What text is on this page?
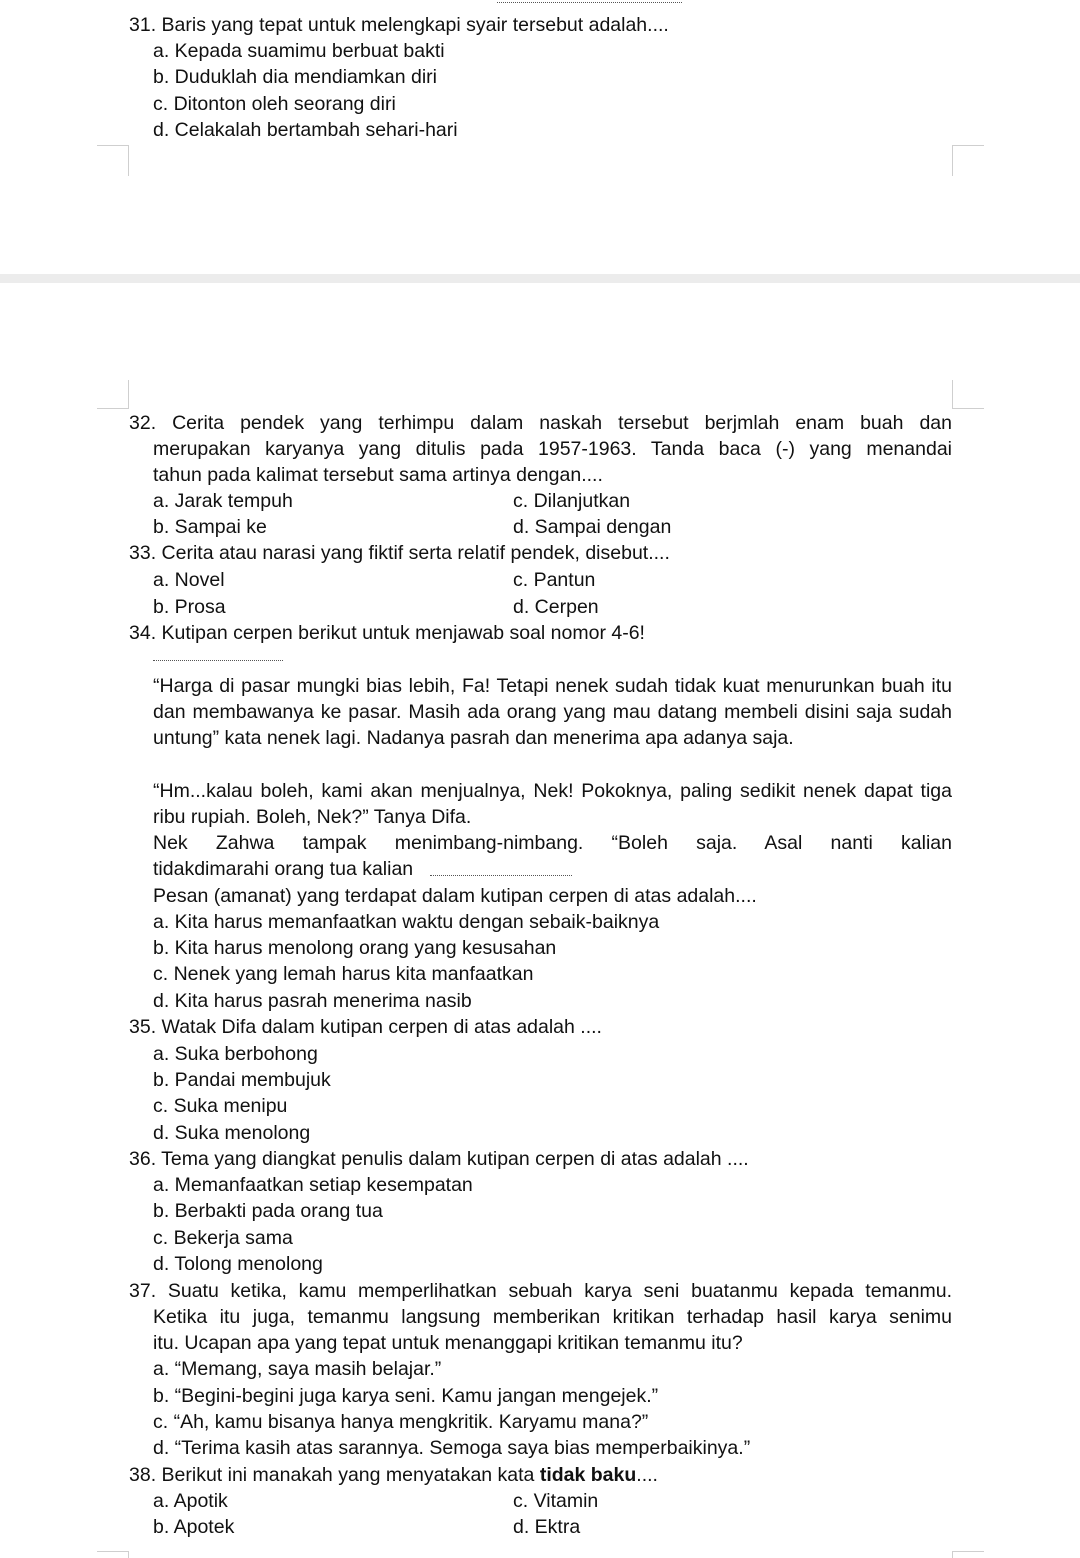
31. Baris yang tepat untuk melengkapi syair tersebut adalah....
a. Kepada suamimu berbuat bakti
b. Duduklah dia mendiamkan diri
c. Ditonton oleh seorang diri
d. Celakalah bertambah sehari-hari
32. Cerita pendek yang terhimpu dalam naskah tersebut berjmlah enam buah dan
merupakan karyanya yang ditulis pada 1957-1963. Tanda baca (-) yang menandai
tahun pada kalimat tersebut sama artinya dengan....
a. Jarak tempuh	c. Dilanjutkan
b. Sampai ke	d. Sampai dengan
33. Cerita atau narasi yang fiktif serta relatif pendek, disebut....
a. Novel	c. Pantun
b. Prosa	d. Cerpen
34. Kutipan cerpen berikut untuk menjawab soal nomor 4-6!
“Harga di pasar mungki bias lebih, Fa! Tetapi nenek sudah tidak kuat menurunkan buah itu dan membawanya ke pasar. Masih ada orang yang mau datang membeli disini saja sudah untung” kata nenek lagi. Nadanya pasrah dan menerima apa adanya saja.
“Hm...kalau boleh, kami akan menjualnya, Nek! Pokoknya, paling sedikit nenek dapat tiga ribu rupiah. Boleh, Nek?” Tanya Difa.
Nek Zahwa tampak menimbang-nimbang. “Boleh saja. Asal nanti kalian
tidakdimarahi orang tua kalian
Pesan (amanat) yang terdapat dalam kutipan cerpen di atas adalah....
a. Kita harus memanfaatkan waktu dengan sebaik-baiknya
b. Kita harus menolong orang yang kesusahan
c. Nenek yang lemah harus kita manfaatkan
d. Kita harus pasrah menerima nasib
35. Watak Difa dalam kutipan cerpen di atas adalah ....
a. Suka berbohong
b. Pandai membujuk
c. Suka menipu
d. Suka menolong
36. Tema yang diangkat penulis dalam kutipan cerpen di atas adalah ....
a. Memanfaatkan setiap kesempatan
b. Berbakti pada orang tua
c. Bekerja sama
d. Tolong menolong
37. Suatu ketika, kamu memperlihatkan sebuah karya seni buatanmu kepada temanmu.
Ketika itu juga, temanmu langsung memberikan kritikan terhadap hasil karya senimu
itu. Ucapan apa yang tepat untuk menanggapi kritikan temanmu itu?
a. “Memang, saya masih belajar.”
b. “Begini-begini juga karya seni. Kamu jangan mengejek.”
c. “Ah, kamu bisanya hanya mengkritik. Karyamu mana?”
d. “Terima kasih atas sarannya. Semoga saya bias memperbaikinya.”
38. Berikut ini manakah yang menyatakan kata tidak baku....
a. Apotik	c. Vitamin
b. Apotek	d. Ektra
